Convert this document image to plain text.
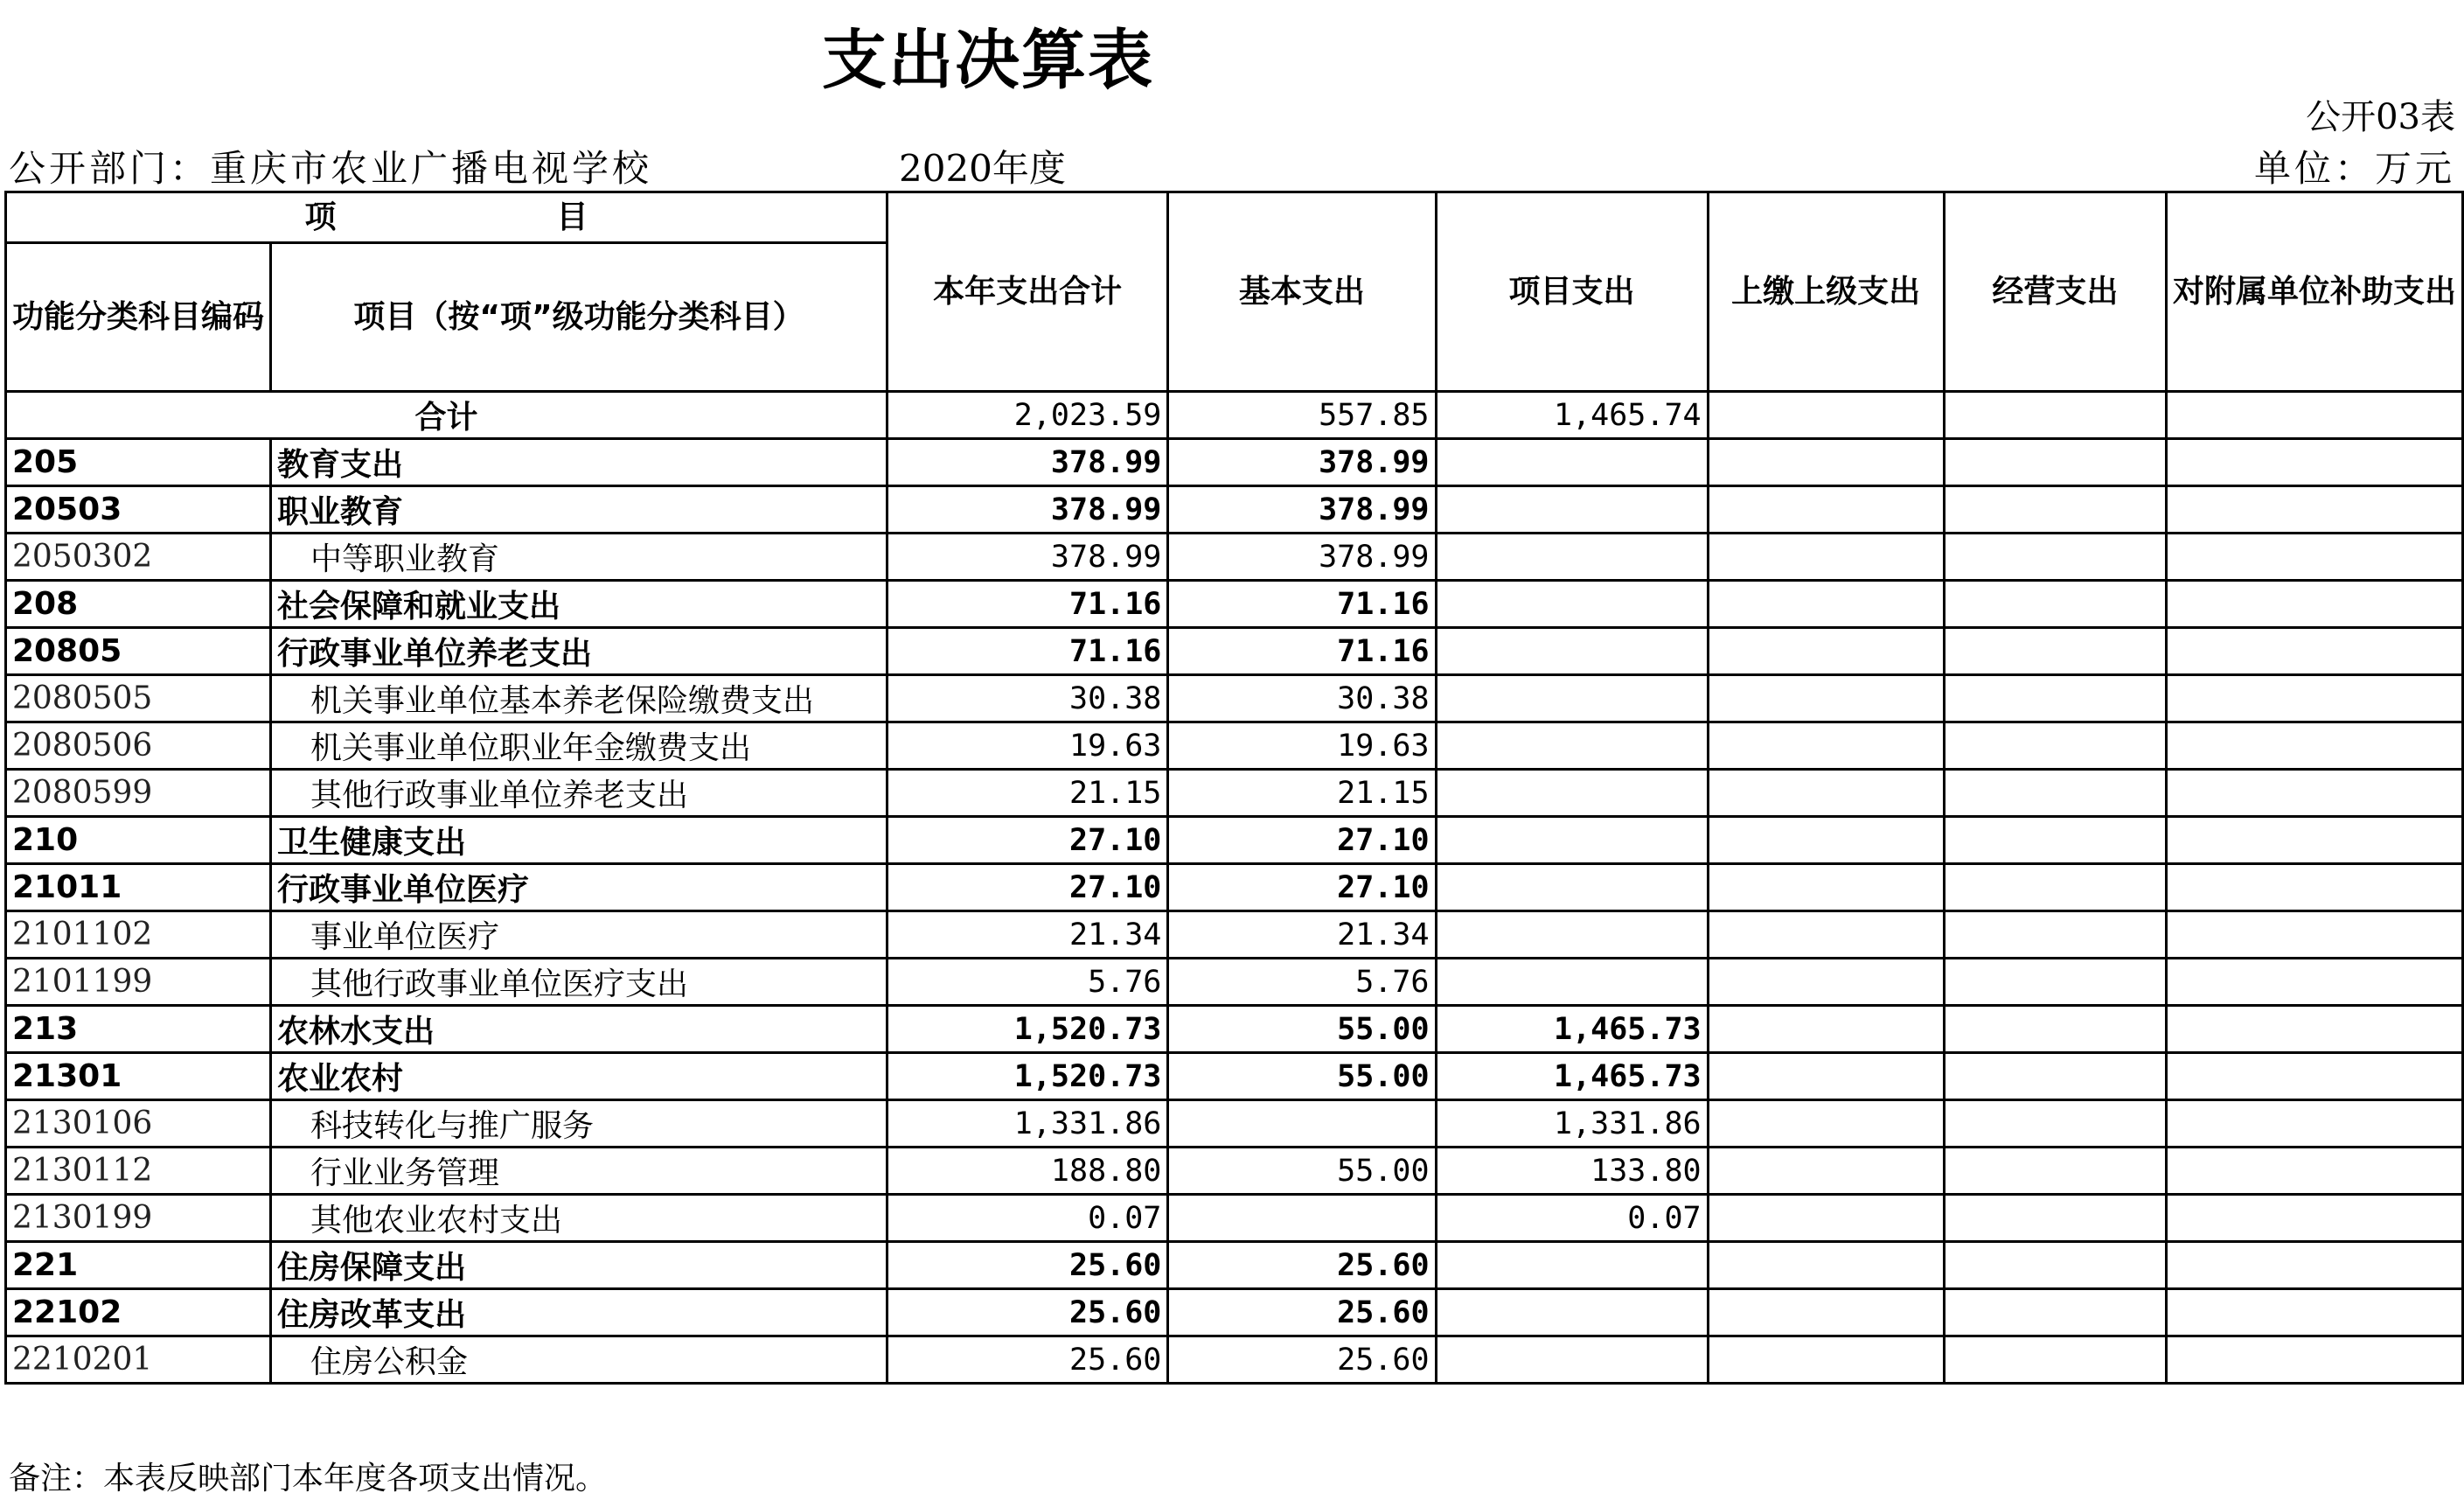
支出决算表
公开03表
公开部门：重庆市农业广播电视学校	2020年度	单位：万元
项　　　　　　　目		本年支出合计	基本支出	项目支出	上缴上级支出	经营支出	对附属单位补助支出
功能分类科目编码	项目（按“项”级功能分类科目）						
合计		2,023.59	557.85	1,465.74			
205	教育支出	378.99	378.99				
20503	职业教育	378.99	378.99				
2050302	中等职业教育	378.99	378.99				
208	社会保障和就业支出	71.16	71.16				
20805	行政事业单位养老支出	71.16	71.16				
2080505	机关事业单位基本养老保险缴费支出	30.38	30.38				
2080506	机关事业单位职业年金缴费支出	19.63	19.63				
2080599	其他行政事业单位养老支出	21.15	21.15				
210	卫生健康支出	27.10	27.10				
21011	行政事业单位医疗	27.10	27.10				
2101102	事业单位医疗	21.34	21.34				
2101199	其他行政事业单位医疗支出	5.76	5.76				
213	农林水支出	1,520.73	55.00	1,465.73			
21301	农业农村	1,520.73	55.00	1,465.73			
2130106	科技转化与推广服务	1,331.86		1,331.86			
2130112	行业业务管理	188.80	55.00	133.80			
2130199	其他农业农村支出	0.07		0.07			
221	住房保障支出	25.60	25.60				
22102	住房改革支出	25.60	25.60				
2210201	住房公积金	25.60	25.60				
备注：本表反映部门本年度各项支出情况。
